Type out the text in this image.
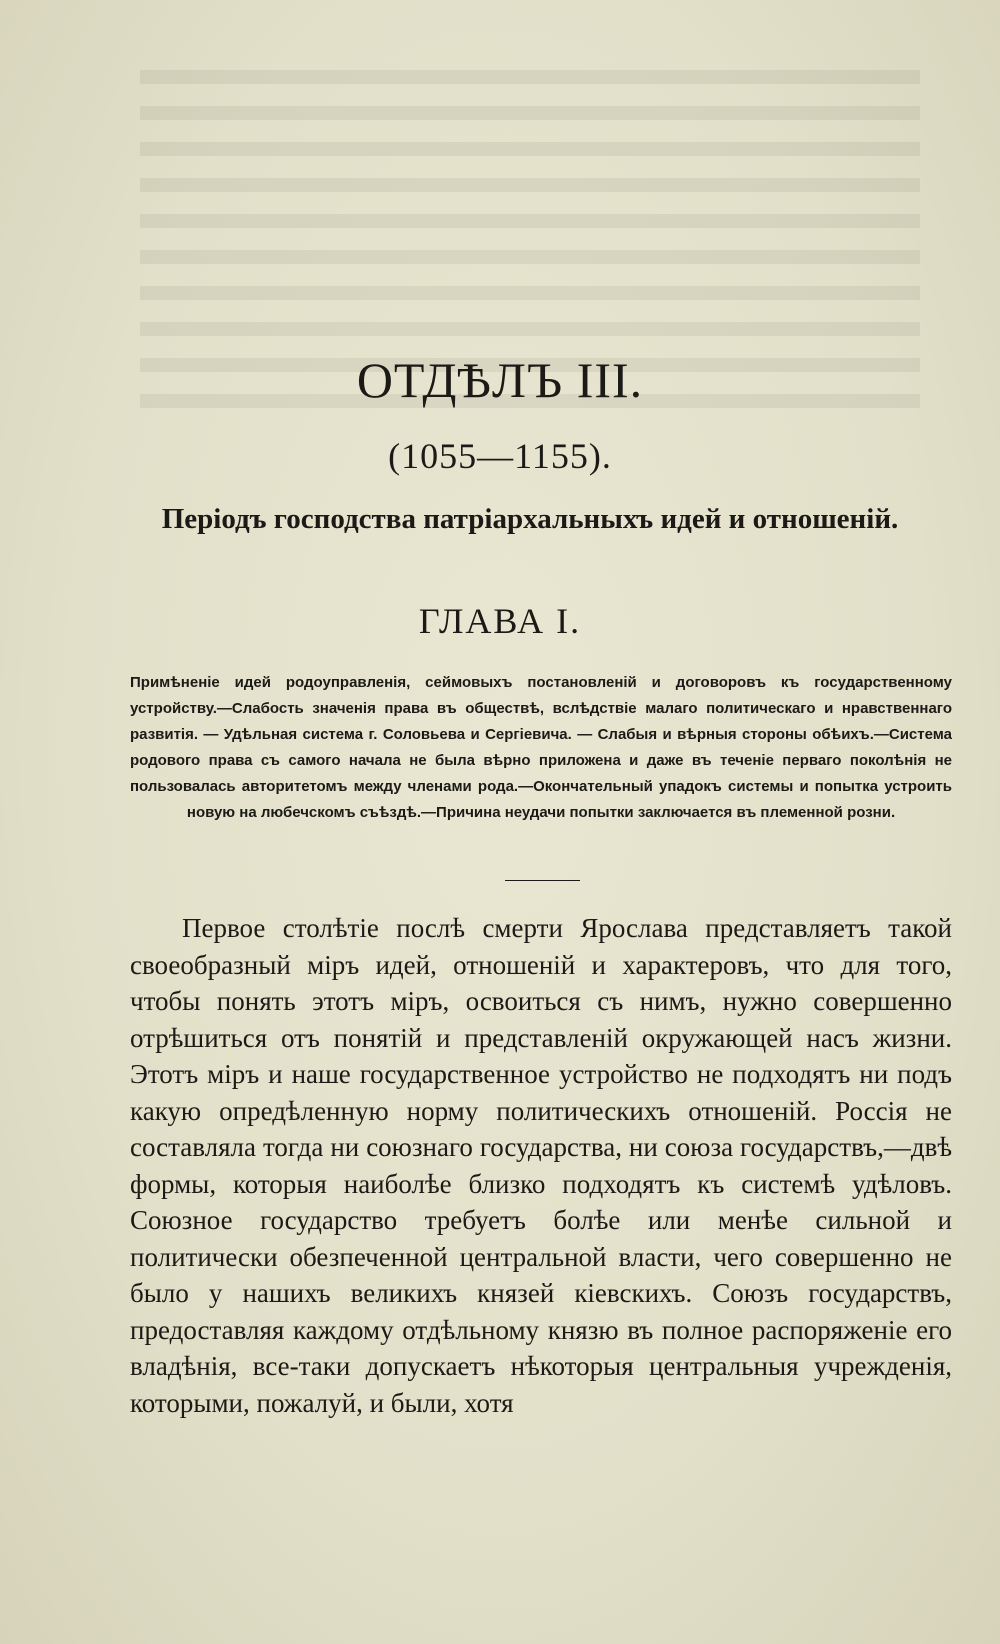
ОТДѢЛЪ III.
(1055—1155).
Періодъ господства патріархальныхъ идей и отношеній.
ГЛАВА I.
Примѣненіе идей родоуправленія, сеймовыхъ постановленій и договоровъ къ государственному устройству.—Слабость значенія права въ обществѣ, вслѣдствіе малаго политическаго и нравственнаго развитія. — Удѣльная система г. Соловьева и Сергіевича. — Слабыя и вѣрныя стороны обѣихъ.—Система родового права съ самого начала не была вѣрно приложена и даже въ теченіе перваго поколѣнія не пользовалась авторитетомъ между членами рода.—Окончательный упадокъ системы и попытка устроить новую на любечскомъ съѣздѣ.—Причина неудачи попытки заключается въ племенной розни.
Первое столѣтіе послѣ смерти Ярослава представляетъ такой своеобразный міръ идей, отношеній и характеровъ, что для того, чтобы понять этотъ міръ, освоиться съ нимъ, нужно совершенно отрѣшиться отъ понятій и представленій окружающей насъ жизни. Этотъ міръ и наше государственное устройство не подходятъ ни подъ какую опредѣленную норму политическихъ отношеній. Россія не составляла тогда ни союзнаго государства, ни союза государствъ,—двѣ формы, которыя наиболѣе близко подходятъ къ системѣ удѣловъ. Союзное государство требуетъ болѣе или менѣе сильной и политически обезпеченной центральной власти, чего совершенно не было у нашихъ великихъ князей кіевскихъ. Союзъ государствъ, предоставляя каждому отдѣльному князю въ полное распоряженіе его владѣнія, все-таки допускаетъ нѣкоторыя центральныя учрежденія, которыми, пожалуй, и были, хотя
